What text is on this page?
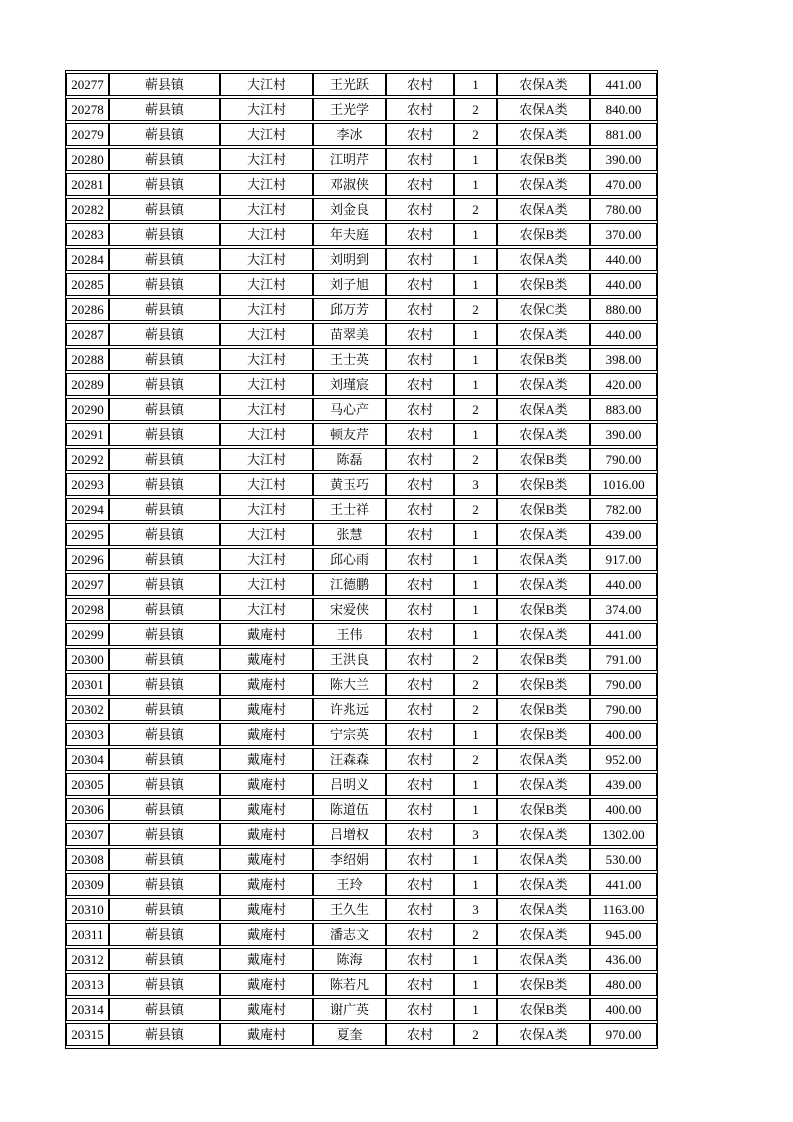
20277	蕲县镇	大江村	王光跃	农村	1	农保A类	441.00
20278	蕲县镇	大江村	王光学	农村	2	农保A类	840.00
20279	蕲县镇	大江村	李冰	农村	2	农保A类	881.00
20280	蕲县镇	大江村	江明芹	农村	1	农保B类	390.00
20281	蕲县镇	大江村	邓淑侠	农村	1	农保A类	470.00
20282	蕲县镇	大江村	刘金良	农村	2	农保A类	780.00
20283	蕲县镇	大江村	年夫庭	农村	1	农保B类	370.00
20284	蕲县镇	大江村	刘明到	农村	1	农保A类	440.00
20285	蕲县镇	大江村	刘子旭	农村	1	农保B类	440.00
20286	蕲县镇	大江村	邱万芳	农村	2	农保C类	880.00
20287	蕲县镇	大江村	苗翠美	农村	1	农保A类	440.00
20288	蕲县镇	大江村	王士英	农村	1	农保B类	398.00
20289	蕲县镇	大江村	刘瑾宸	农村	1	农保A类	420.00
20290	蕲县镇	大江村	马心产	农村	2	农保A类	883.00
20291	蕲县镇	大江村	顿友芹	农村	1	农保A类	390.00
20292	蕲县镇	大江村	陈磊	农村	2	农保B类	790.00
20293	蕲县镇	大江村	黄玉巧	农村	3	农保B类	1016.00
20294	蕲县镇	大江村	王士祥	农村	2	农保B类	782.00
20295	蕲县镇	大江村	张慧	农村	1	农保A类	439.00
20296	蕲县镇	大江村	邱心雨	农村	1	农保A类	917.00
20297	蕲县镇	大江村	江德鹏	农村	1	农保A类	440.00
20298	蕲县镇	大江村	宋爱侠	农村	1	农保B类	374.00
20299	蕲县镇	戴庵村	王伟	农村	1	农保A类	441.00
20300	蕲县镇	戴庵村	王洪良	农村	2	农保B类	791.00
20301	蕲县镇	戴庵村	陈大兰	农村	2	农保B类	790.00
20302	蕲县镇	戴庵村	许兆远	农村	2	农保B类	790.00
20303	蕲县镇	戴庵村	宁宗英	农村	1	农保B类	400.00
20304	蕲县镇	戴庵村	汪森森	农村	2	农保A类	952.00
20305	蕲县镇	戴庵村	吕明义	农村	1	农保A类	439.00
20306	蕲县镇	戴庵村	陈道伍	农村	1	农保B类	400.00
20307	蕲县镇	戴庵村	吕增权	农村	3	农保A类	1302.00
20308	蕲县镇	戴庵村	李绍娟	农村	1	农保A类	530.00
20309	蕲县镇	戴庵村	王玲	农村	1	农保A类	441.00
20310	蕲县镇	戴庵村	王久生	农村	3	农保A类	1163.00
20311	蕲县镇	戴庵村	潘志文	农村	2	农保A类	945.00
20312	蕲县镇	戴庵村	陈海	农村	1	农保A类	436.00
20313	蕲县镇	戴庵村	陈若凡	农村	1	农保B类	480.00
20314	蕲县镇	戴庵村	谢广英	农村	1	农保B类	400.00
20315	蕲县镇	戴庵村	夏奎	农村	2	农保A类	970.00
